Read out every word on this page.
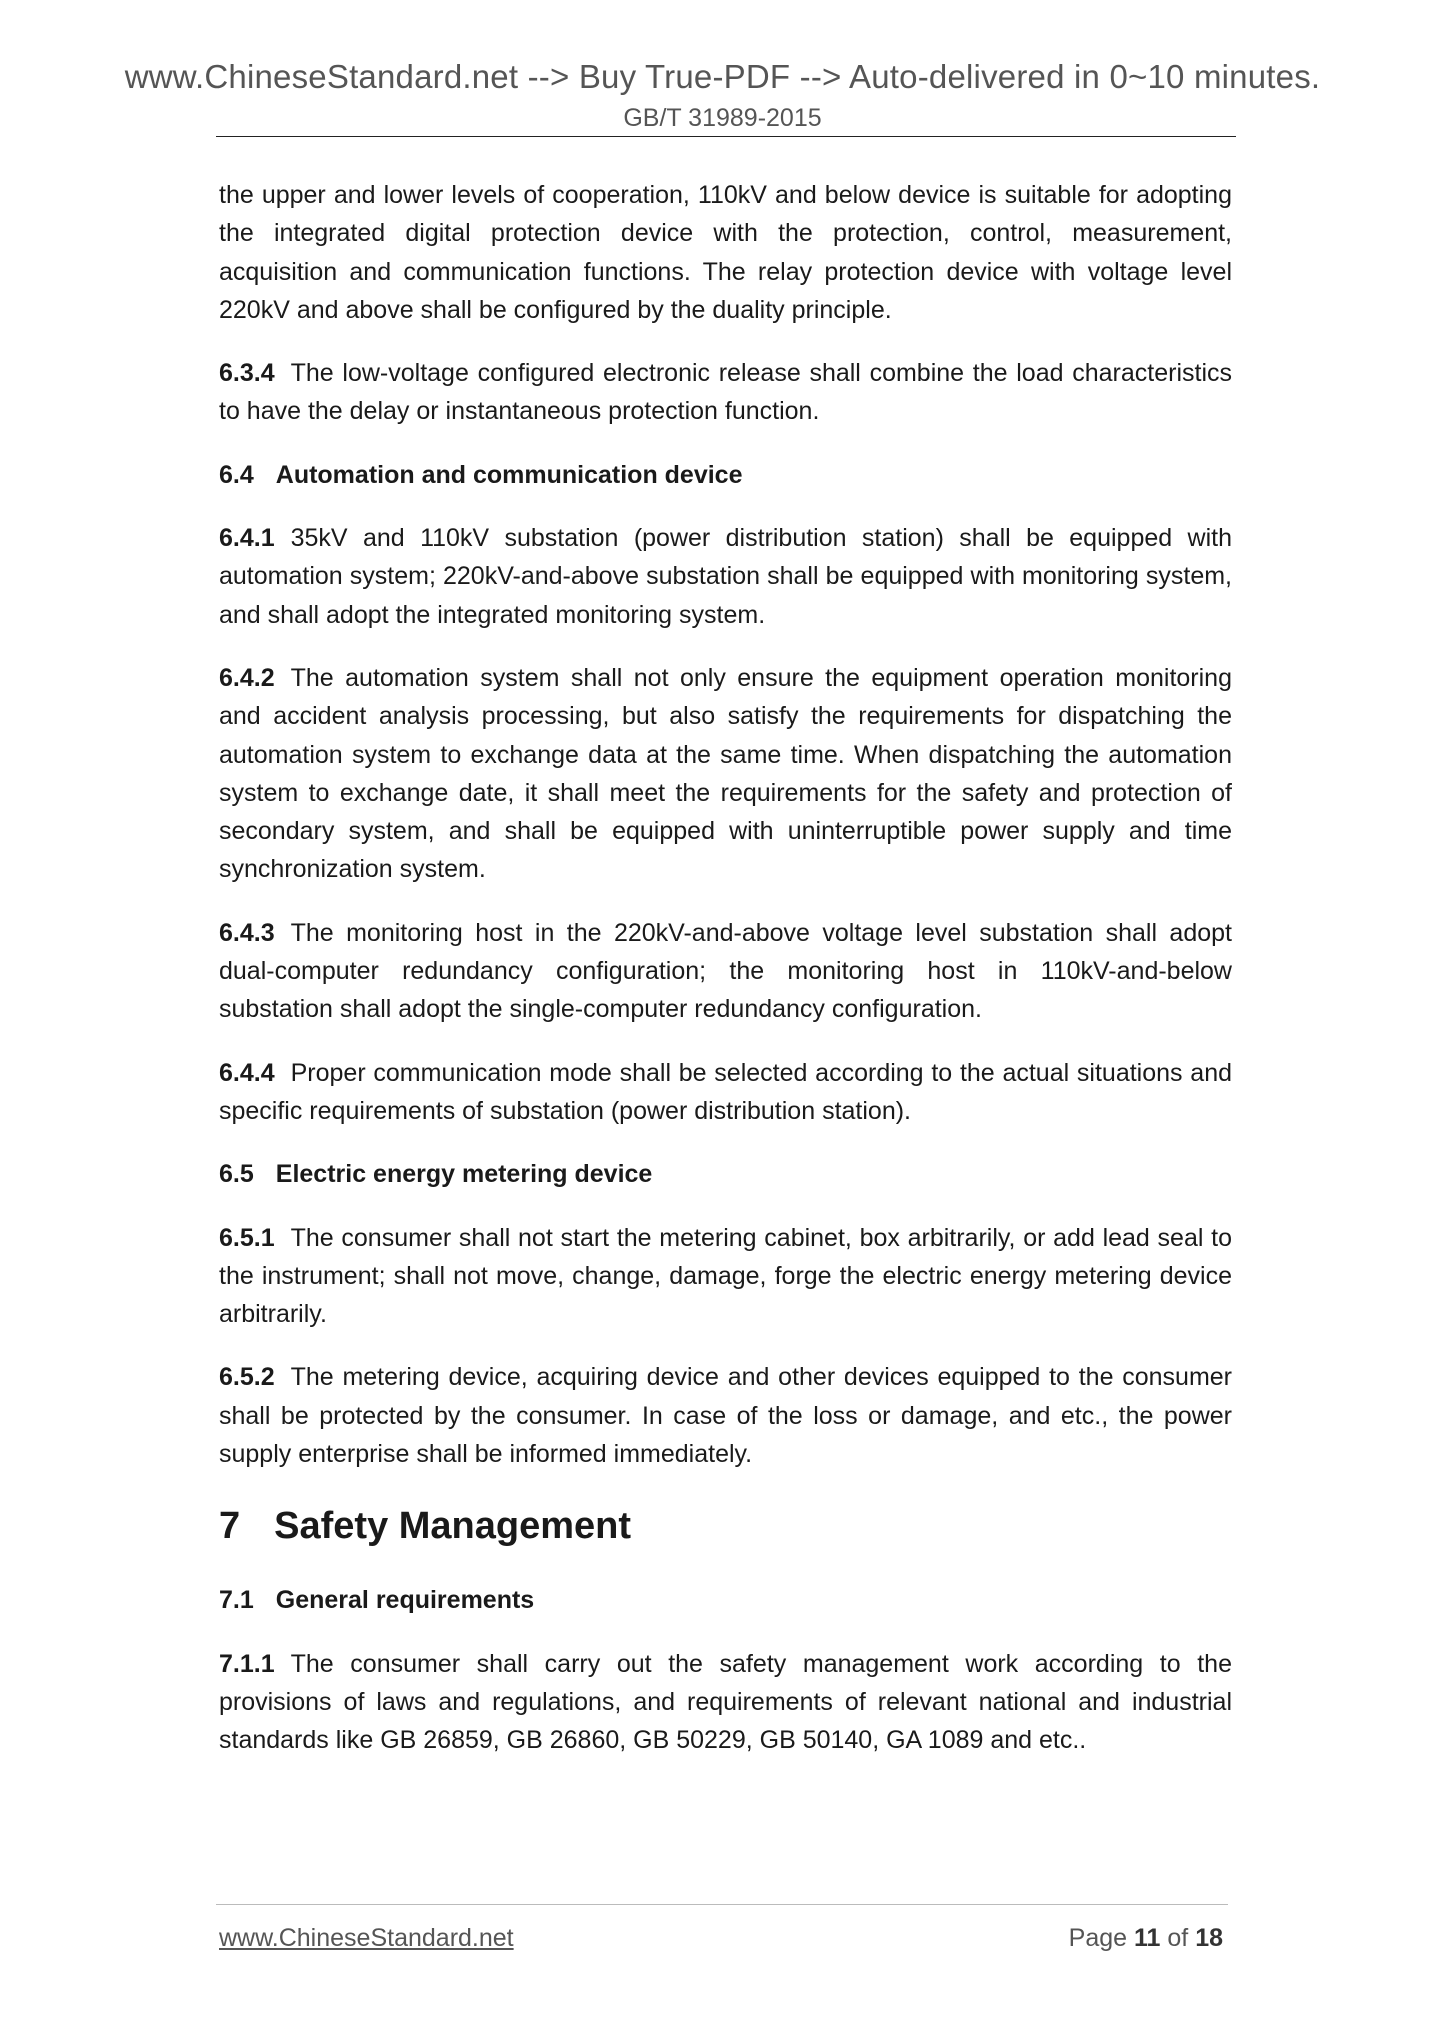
www.ChineseStandard.net --> Buy True-PDF --> Auto-delivered in 0~10 minutes.
GB/T 31989-2015

the upper and lower levels of cooperation, 110kV and below device is suitable for adopting the integrated digital protection device with the protection, control, measurement, acquisition and communication functions. The relay protection device with voltage level 220kV and above shall be configured by the duality principle.

6.3.4 The low-voltage configured electronic release shall combine the load characteristics to have the delay or instantaneous protection function.

6.4 Automation and communication device

6.4.1 35kV and 110kV substation (power distribution station) shall be equipped with automation system; 220kV-and-above substation shall be equipped with monitoring system, and shall adopt the integrated monitoring system.

6.4.2 The automation system shall not only ensure the equipment operation monitoring and accident analysis processing, but also satisfy the requirements for dispatching the automation system to exchange data at the same time. When dispatching the automation system to exchange date, it shall meet the requirements for the safety and protection of secondary system, and shall be equipped with uninterruptible power supply and time synchronization system.

6.4.3 The monitoring host in the 220kV-and-above voltage level substation shall adopt dual-computer redundancy configuration; the monitoring host in 110kV-and-below substation shall adopt the single-computer redundancy configuration.

6.4.4 Proper communication mode shall be selected according to the actual situations and specific requirements of substation (power distribution station).

6.5 Electric energy metering device

6.5.1 The consumer shall not start the metering cabinet, box arbitrarily, or add lead seal to the instrument; shall not move, change, damage, forge the electric energy metering device arbitrarily.

6.5.2 The metering device, acquiring device and other devices equipped to the consumer shall be protected by the consumer. In case of the loss or damage, and etc., the power supply enterprise shall be informed immediately.

7 Safety Management
7.1 General requirements

7.1.1 The consumer shall carry out the safety management work according to the provisions of laws and regulations, and requirements of relevant national and industrial standards like GB 26859, GB 26860, GB 50229, GB 50140, GA 1089 and etc..

www.ChineseStandard.net	Page 11 of 18
